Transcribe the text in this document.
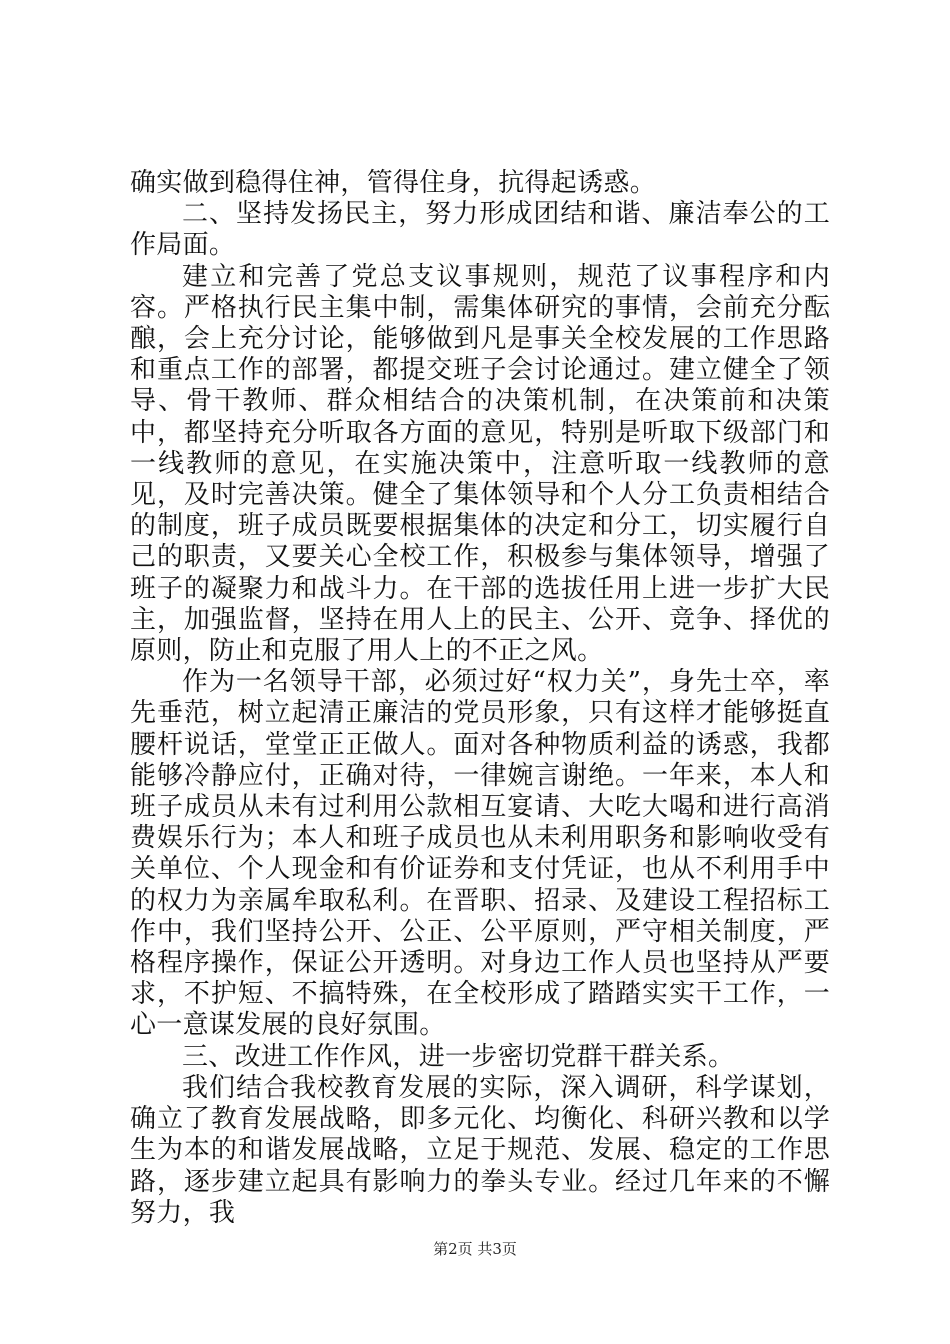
确实做到稳得住神，管得住身，抗得起诱惑。

二、坚持发扬民主，努力形成团结和谐、廉洁奉公的工作局面。

建立和完善了党总支议事规则，规范了议事程序和内容。严格执行民主集中制，需集体研究的事情，会前充分酝酿，会上充分讨论，能够做到凡是事关全校发展的工作思路和重点工作的部署，都提交班子会讨论通过。建立健全了领导、骨干教师、群众相结合的决策机制，在决策前和决策中，都坚持充分听取各方面的意见，特别是听取下级部门和一线教师的意见，在实施决策中，注意听取一线教师的意见，及时完善决策。健全了集体领导和个人分工负责相结合的制度，班子成员既要根据集体的决定和分工，切实履行自己的职责，又要关心全校工作，积极参与集体领导，增强了班子的凝聚力和战斗力。在干部的选拔任用上进一步扩大民主，加强监督，坚持在用人上的民主、公开、竞争、择优的原则，防止和克服了用人上的不正之风。

作为一名领导干部，必须过好“权力关”，身先士卒，率先垂范，树立起清正廉洁的党员形象，只有这样才能够挺直腰杆说话，堂堂正正做人。面对各种物质利益的诱惑，我都能够冷静应付，正确对待，一律婉言谢绝。一年来，本人和班子成员从未有过利用公款相互宴请、大吃大喝和进行高消费娱乐行为；本人和班子成员也从未利用职务和影响收受有关单位、个人现金和有价证券和支付凭证，也从不利用手中的权力为亲属牟取私利。在晋职、招录、及建设工程招标工作中，我们坚持公开、公正、公平原则，严守相关制度，严格程序操作，保证公开透明。对身边工作人员也坚持从严要求，不护短、不搞特殊，在全校形成了踏踏实实干工作，一心一意谋发展的良好氛围。

三、改进工作作风，进一步密切党群干群关系。

我们结合我校教育发展的实际，深入调研，科学谋划，确立了教育发展战略，即多元化、均衡化、科研兴教和以学生为本的和谐发展战略，立足于规范、发展、稳定的工作思路，逐步建立起具有影响力的拳头专业。经过几年来的不懈努力，我

第2页 共3页
